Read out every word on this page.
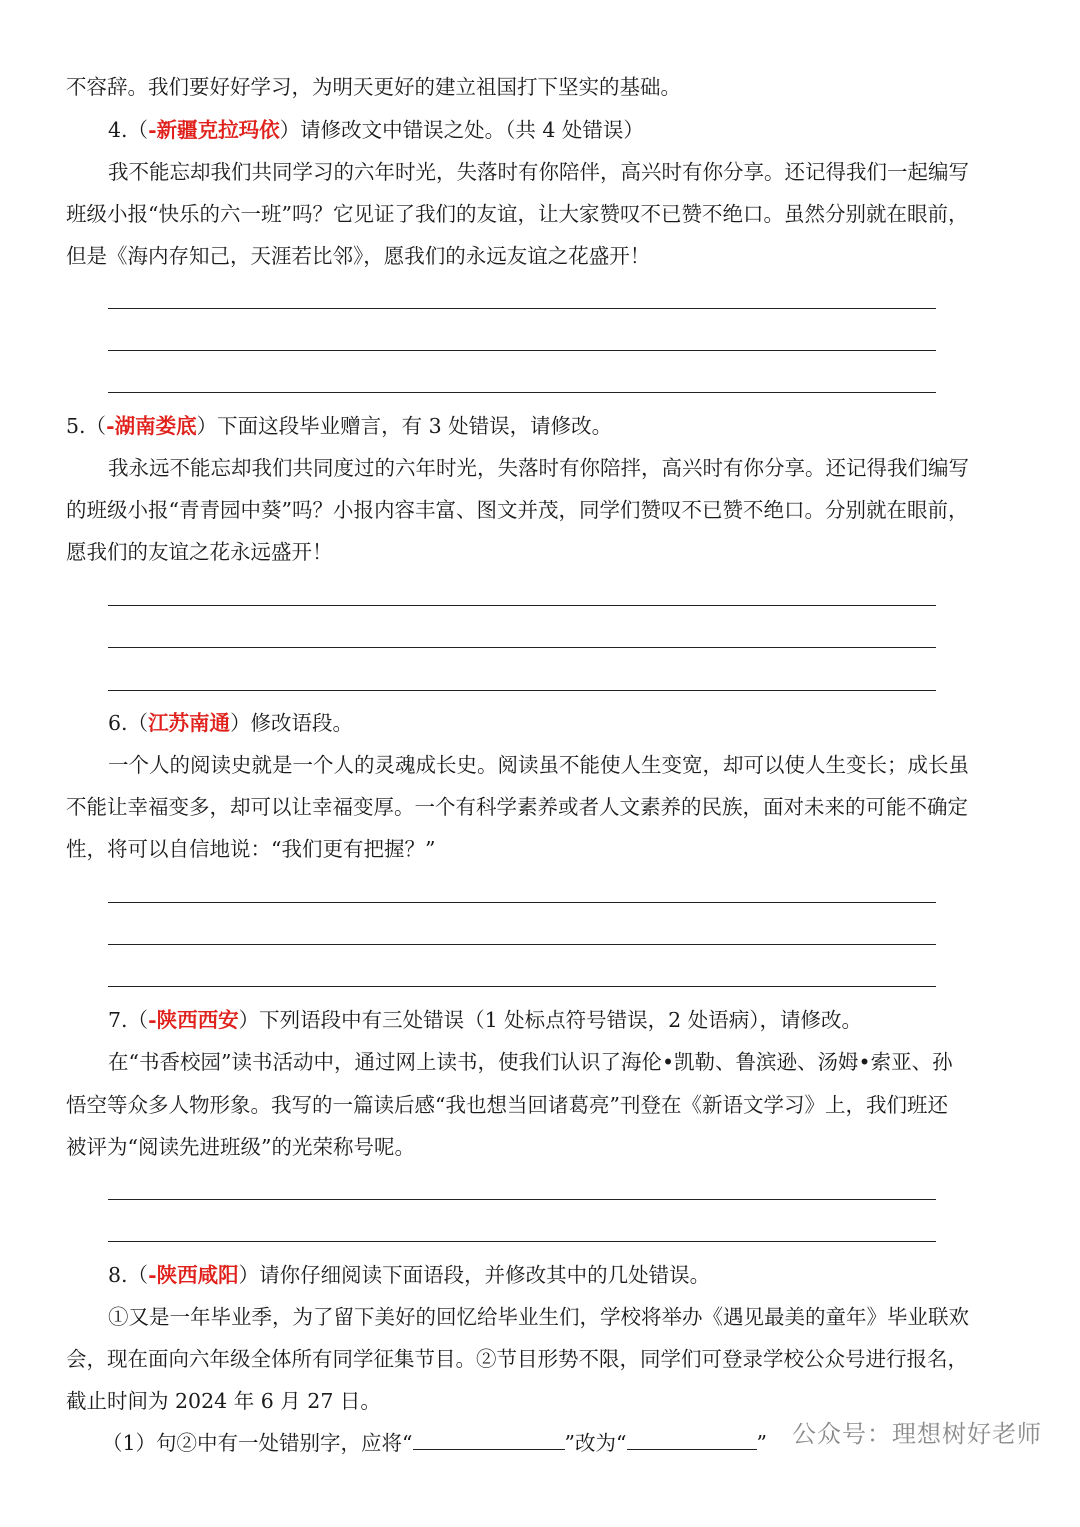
不容辞。我们要好好学习，为明天更好的建立祖国打下坚实的基础。
4.（-新疆克拉玛依）请修改文中错误之处。（共 4 处错误）
我不能忘却我们共同学习的六年时光，失落时有你陪伴，高兴时有你分享。还记得我们一起编写
班级小报“快乐的六一班”吗？它见证了我们的友谊，让大家赞叹不已赞不绝口。虽然分别就在眼前，
但是《海内存知己，天涯若比邻》，愿我们的永远友谊之花盛开！
5.（-湖南娄底）下面这段毕业赠言，有 3 处错误，请修改。
我永远不能忘却我们共同度过的六年时光，失落时有你陪拌，高兴时有你分享。还记得我们编写
的班级小报“青青园中葵”吗？小报内容丰富、图文并茂，同学们赞叹不已赞不绝口。分别就在眼前，
愿我们的友谊之花永远盛开！
6.（江苏南通）修改语段。
一个人的阅读史就是一个人的灵魂成长史。阅读虽不能使人生变宽，却可以使人生变长；成长虽
不能让幸福变多，却可以让幸福变厚。一个有科学素养或者人文素养的民族，面对未来的可能不确定
性，将可以自信地说：“我们更有把握？”
7.（-陕西西安）下列语段中有三处错误（1 处标点符号错误，2 处语病），请修改。
在“书香校园”读书活动中，通过网上读书，使我们认识了海伦•凯勒、鲁滨逊、汤姆•索亚、孙
悟空等众多人物形象。我写的一篇读后感“我也想当回诸葛亮”刊登在《新语文学习》上，我们班还
被评为“阅读先进班级”的光荣称号呢。
8.（-陕西咸阳）请你仔细阅读下面语段，并修改其中的几处错误。
①又是一年毕业季，为了留下美好的回忆给毕业生们，学校将举办《遇见最美的童年》毕业联欢
会，现在面向六年级全体所有同学征集节目。②节目形势不限，同学们可登录学校公众号进行报名，
截止时间为 2024 年 6 月 27 日。
（1）句②中有一处错别字，应将“	”改为“	”	公众号：理想树好老师
